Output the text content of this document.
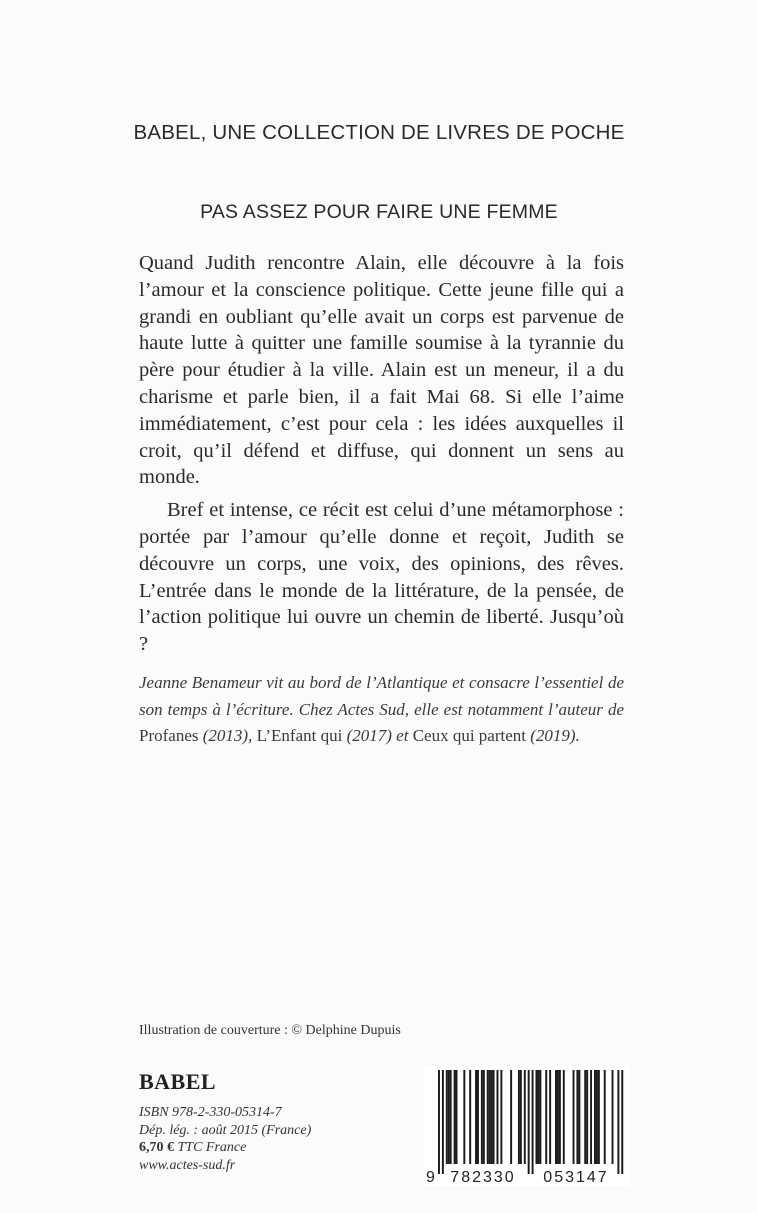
BABEL, UNE COLLECTION DE LIVRES DE POCHE
PAS ASSEZ POUR FAIRE UNE FEMME

Quand Judith rencontre Alain, elle découvre à la fois l’amour et la conscience politique. Cette jeune fille qui a grandi en oubliant qu’elle avait un corps est parvenue de haute lutte à quitter une famille soumise à la tyrannie du père pour étudier à la ville. Alain est un meneur, il a du charisme et parle bien, il a fait Mai 68. Si elle l’aime immédiatement, c’est pour cela : les idées auxquelles il croit, qu’il défend et diffuse, qui donnent un sens au monde.

Bref et intense, ce récit est celui d’une métamorphose : portée par l’amour qu’elle donne et reçoit, Judith se découvre un corps, une voix, des opinions, des rêves. L’entrée dans le monde de la littérature, de la pensée, de l’action politique lui ouvre un chemin de liberté. Jusqu’où ?

Jeanne Benameur vit au bord de l’Atlantique et consacre l’essentiel de son temps à l’écriture. Chez Actes Sud, elle est notamment l’auteur de Profanes (2013), L’Enfant qui (2017) et Ceux qui partent (2019).
Illustration de couverture : © Delphine Dupuis
BABEL
ISBN 978-2-330-05314-7
Dép. lég. : août 2015 (France)
6,70 € TTC France
www.actes-sud.fr
9 782330 053147
